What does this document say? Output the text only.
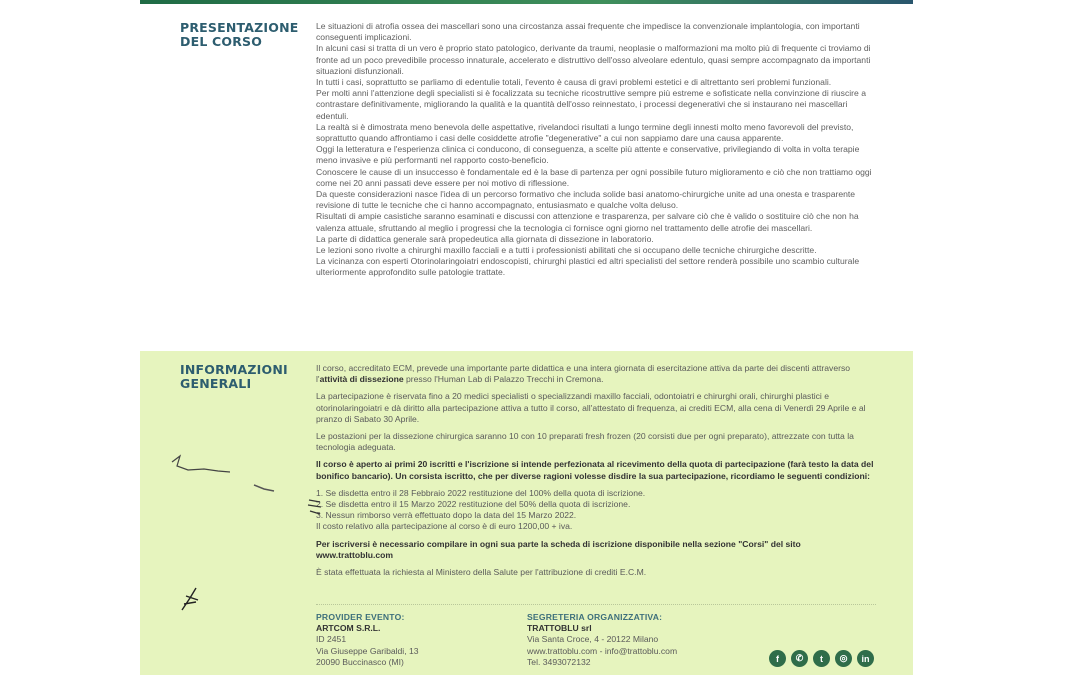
PRESENTAZIONE
DEL CORSO

Le situazioni di atrofia ossea dei mascellari sono una circostanza assai frequente che impedisce la convenzionale implantologia, con importanti conseguenti implicazioni.

In alcuni casi si tratta di un vero è proprio stato patologico, derivante da traumi, neoplasie o malformazioni ma molto più di frequente ci troviamo di fronte ad un poco prevedibile processo innaturale, accelerato e distruttivo dell'osso alveolare edentulo, quasi sempre accompagnato da importanti situazioni disfunzionali.

In tutti i casi, soprattutto se parliamo di edentulie totali, l'evento è causa di gravi problemi estetici e di altrettanto seri problemi funzionali.

Per molti anni l'attenzione degli specialisti si è focalizzata su tecniche ricostruttive sempre più estreme e sofisticate nella convinzione di riuscire a contrastare definitivamente, migliorando la qualità e la quantità dell'osso reinnestato, i processi degenerativi che si instaurano nei mascellari edentuli.

La realtà si è dimostrata meno benevola delle aspettative, rivelandoci risultati a lungo termine degli innesti molto meno favorevoli del previsto, soprattutto quando affrontiamo i casi delle cosiddette atrofie "degenerative" a cui non sappiamo dare una causa apparente.

Oggi la letteratura e l'esperienza clinica ci conducono, di conseguenza, a scelte più attente e conservative, privilegiando di volta in volta terapie meno invasive e più performanti nel rapporto costo-beneficio.

Conoscere le cause di un insuccesso è fondamentale ed è la base di partenza per ogni possibile futuro miglioramento e ciò che non trattiamo oggi come nei 20 anni passati deve essere per noi motivo di riflessione.

Da queste considerazioni nasce l'idea di un percorso formativo che includa solide basi anatomo-chirurgiche unite ad una onesta e trasparente revisione di tutte le tecniche che ci hanno accompagnato, entusiasmato e qualche volta deluso.

Risultati di ampie casistiche saranno esaminati e discussi con attenzione e trasparenza, per salvare ciò che è valido o sostituire ciò che non ha valenza attuale, sfruttando al meglio i progressi che la tecnologia ci fornisce ogni giorno nel trattamento delle atrofie dei mascellari.

La parte di didattica generale sarà propedeutica alla giornata di dissezione in laboratorio.

Le lezioni sono rivolte a chirurghi maxillo facciali e a tutti i professionisti abilitati che si occupano delle tecniche chirurgiche descritte.

La vicinanza con esperti Otorinolaringoiatri endoscopisti, chirurghi plastici ed altri specialisti del settore renderà possibile uno scambio culturale ulteriormente approfondito sulle patologie trattate.

INFORMAZIONI
GENERALI

Il corso, accreditato ECM, prevede una importante parte didattica e una intera giornata di esercitazione attiva da parte dei discenti attraverso l'attività di dissezione presso l'Human Lab di Palazzo Trecchi in Cremona.

La partecipazione è riservata fino a 20 medici specialisti o specializzandi maxillo facciali, odontoiatri e chirurghi orali, chirurghi plastici e otorinolaringoiatri e dà diritto alla partecipazione attiva a tutto il corso, all'attestato di frequenza, ai crediti ECM, alla cena di Venerdì 29 Aprile e al pranzo di Sabato 30 Aprile.

Le postazioni per la dissezione chirurgica saranno 10 con 10 preparati fresh frozen (20 corsisti due per ogni preparato), attrezzate con tutta la tecnologia adeguata.

Il corso è aperto ai primi 20 iscritti e l'iscrizione si intende perfezionata al ricevimento della quota di partecipazione (farà testo la data del bonifico bancario). Un corsista iscritto, che per diverse ragioni volesse disdire la sua partecipazione, ricordiamo le seguenti condizioni:

1. Se disdetta entro il 28 Febbraio 2022 restituzione del 100% della quota di iscrizione.
2. Se disdetta entro il 15 Marzo 2022 restituzione del 50% della quota di iscrizione.
3. Nessun rimborso verrà effettuato dopo la data del 15 Marzo 2022.
Il costo relativo alla partecipazione al corso è di euro 1200,00 + iva.

Per iscriversi è necessario compilare in ogni sua parte la scheda di iscrizione disponibile nella sezione "Corsi" del sito www.trattoblu.com

È stata effettuata la richiesta al Ministero della Salute per l'attribuzione di crediti E.C.M.

PROVIDER EVENTO:
ARTCOM S.R.L.
ID 2451
Via Giuseppe Garibaldi, 13
20090 Buccinasco (MI)
SEGRETERIA ORGANIZZATIVA:
TRATTOBLU srl
Via Santa Croce, 4 - 20122 Milano
www.trattoblu.com - info@trattoblu.com
Tel. 3493072132	f	✆	t	◎	in
